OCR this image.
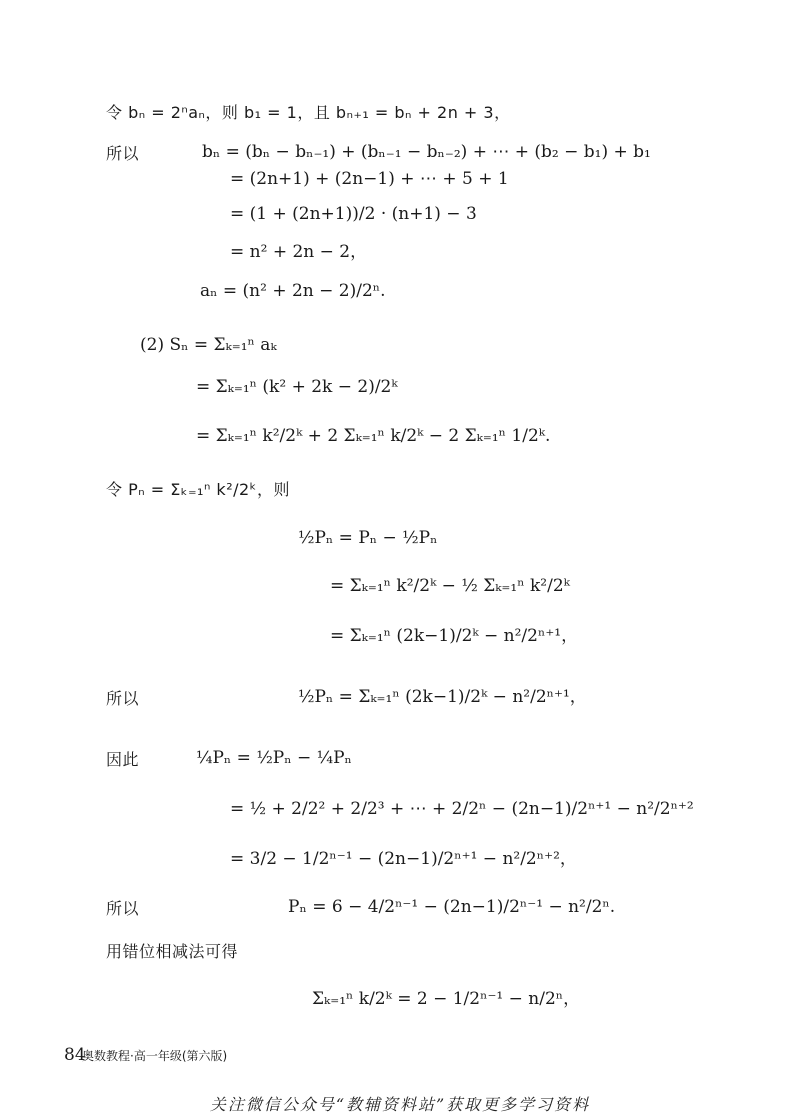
令 bₙ = 2ⁿaₙ，则 b₁ = 1，且 bₙ₊₁ = bₙ + 2n + 3，
所以	bₙ = (bₙ − bₙ₋₁) + (bₙ₋₁ − bₙ₋₂) + ⋯ + (b₂ − b₁) + b₁
= (2n+1) + (2n−1) + ⋯ + 5 + 1
= (1 + (2n+1))/2 · (n+1) − 3
= n² + 2n − 2，
aₙ = (n² + 2n − 2)/2ⁿ.
(2) Sₙ = Σₖ₌₁ⁿ aₖ
= Σₖ₌₁ⁿ (k² + 2k − 2)/2ᵏ
= Σₖ₌₁ⁿ k²/2ᵏ + 2 Σₖ₌₁ⁿ k/2ᵏ − 2 Σₖ₌₁ⁿ 1/2ᵏ.
令 Pₙ = Σₖ₌₁ⁿ k²/2ᵏ，则
½Pₙ = Pₙ − ½Pₙ
= Σₖ₌₁ⁿ k²/2ᵏ − ½ Σₖ₌₁ⁿ k²/2ᵏ
= Σₖ₌₁ⁿ (2k−1)/2ᵏ − n²/2ⁿ⁺¹，
所以	½Pₙ = Σₖ₌₁ⁿ (2k−1)/2ᵏ − n²/2ⁿ⁺¹，
因此	¼Pₙ = ½Pₙ − ¼Pₙ
= ½ + 2/2² + 2/2³ + ⋯ + 2/2ⁿ − (2n−1)/2ⁿ⁺¹ − n²/2ⁿ⁺²
= 3/2 − 1/2ⁿ⁻¹ − (2n−1)/2ⁿ⁺¹ − n²/2ⁿ⁺²，
所以	Pₙ = 6 − 4/2ⁿ⁻¹ − (2n−1)/2ⁿ⁻¹ − n²/2ⁿ.
用错位相减法可得
Σₖ₌₁ⁿ k/2ᵏ = 2 − 1/2ⁿ⁻¹ − n/2ⁿ，
84
奥数教程·高一年级(第六版)
关注微信公众号“教辅资料站”获取更多学习资料
